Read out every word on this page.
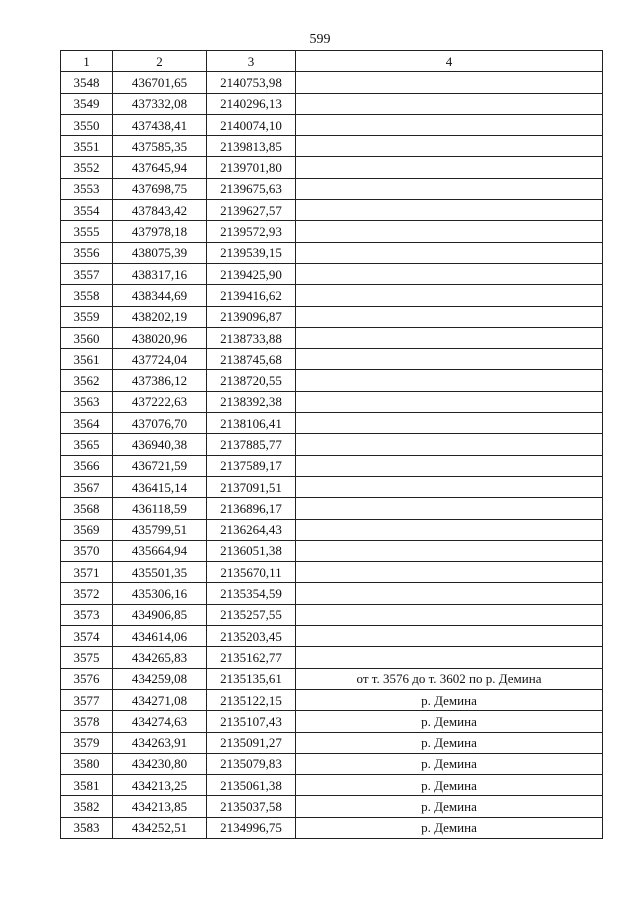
599
1	2	3	4
3548	436701,65	2140753,98	
3549	437332,08	2140296,13	
3550	437438,41	2140074,10	
3551	437585,35	2139813,85	
3552	437645,94	2139701,80	
3553	437698,75	2139675,63	
3554	437843,42	2139627,57	
3555	437978,18	2139572,93	
3556	438075,39	2139539,15	
3557	438317,16	2139425,90	
3558	438344,69	2139416,62	
3559	438202,19	2139096,87	
3560	438020,96	2138733,88	
3561	437724,04	2138745,68	
3562	437386,12	2138720,55	
3563	437222,63	2138392,38	
3564	437076,70	2138106,41	
3565	436940,38	2137885,77	
3566	436721,59	2137589,17	
3567	436415,14	2137091,51	
3568	436118,59	2136896,17	
3569	435799,51	2136264,43	
3570	435664,94	2136051,38	
3571	435501,35	2135670,11	
3572	435306,16	2135354,59	
3573	434906,85	2135257,55	
3574	434614,06	2135203,45	
3575	434265,83	2135162,77	
3576	434259,08	2135135,61	от т. 3576 до т. 3602 по р. Демина
3577	434271,08	2135122,15	р. Демина
3578	434274,63	2135107,43	р. Демина
3579	434263,91	2135091,27	р. Демина
3580	434230,80	2135079,83	р. Демина
3581	434213,25	2135061,38	р. Демина
3582	434213,85	2135037,58	р. Демина
3583	434252,51	2134996,75	р. Демина
